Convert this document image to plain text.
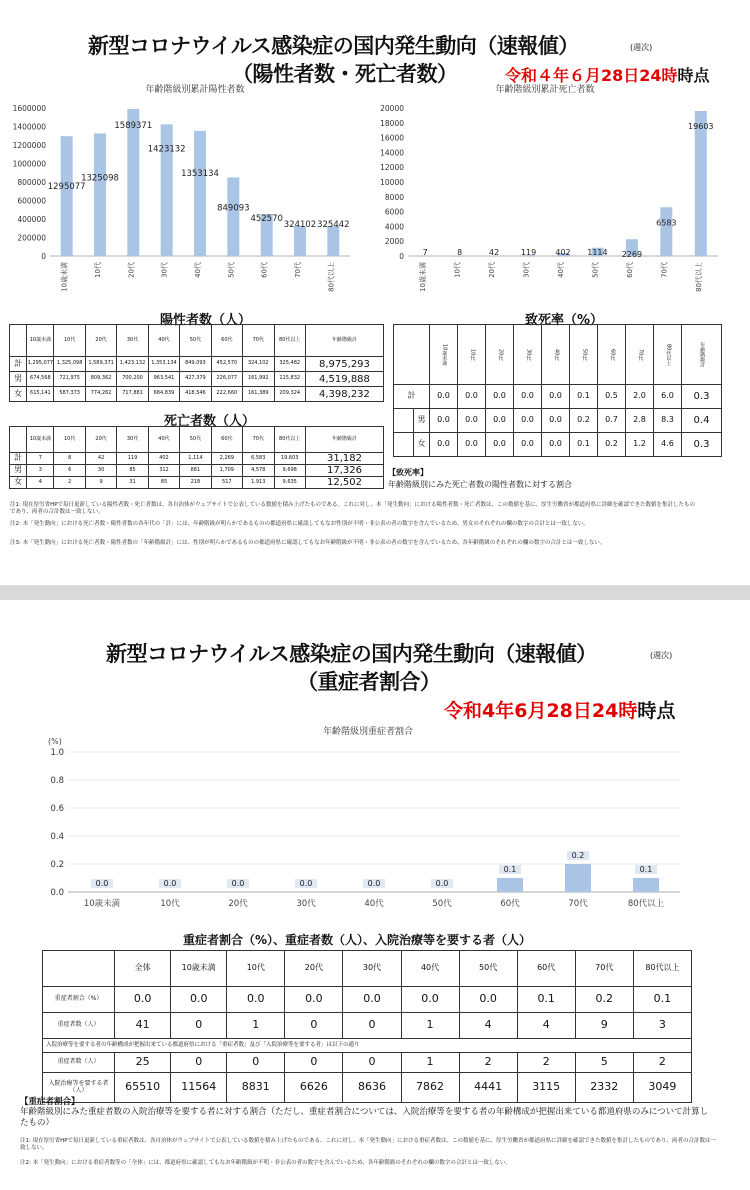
新型コロナウイルス感染症の国内発生動向（速報値）	(週次)
（陽性者数・死亡者数）	令和４年６月28日24時時点
年齢階級別累計陽性者数
0
200000
400000
600000
800000
1000000
1200000
1400000
1600000
1295077
10歳未満
1325098
10代
1589371
20代
1423132
30代
1353134
40代
849093
50代
452570
60代
324102
70代
325442
80代以上
年齢階級別累計死亡者数
0
2000
4000
6000
8000
10000
12000
14000
16000
18000
20000
7
10歳未満
8
10代
42
20代
119
30代
402
40代
1114
50代
2269
60代
6583
70代
19603
80代以上
陽性者数（人）
	10歳未満	10代	20代	30代	40代	50代	60代	70代	80代以上	年齢階級計
計	1,295,077	1,325,098	1,589,371	1,423,132	1,353,134	849,093	452,570	324,102	325,482	8,975,293
男	674,568	721,975	809,362	700,200	963,541	427,379	226,077	161,992	115,832	4,519,888
女	615,141	587,373	774,262	717,881	684,839	418,546	222,660	161,389	209,324	4,398,232
死亡者数（人）
	10歳未満	10代	20代	30代	40代	50代	60代	70代	80代以上	年齢階級計
計	7	8	42	119	402	1,114	2,269	6,583	19,603	31,182
男	3	6	30	85	312	881	1,709	4,578	9,698	17,326
女	4	2	9	31	85	218	517	1,913	9,635	12,502
致死率（%）
		10歳未満	10代	20代	30代	40代	50代	60代	70代	80代以上	年齢階級計
計		0.0	0.0	0.0	0.0	0.0	0.1	0.5	2.0	6.0	0.3
	男	0.0	0.0	0.0	0.0	0.0	0.2	0.7	2.8	8.3	0.4
	女	0.0	0.0	0.0	0.0	0.0	0.1	0.2	1.2	4.6	0.3
【致死率】
年齢階級別にみた死亡者数の陽性者数に対する割合
注1: 現在厚労省HPで毎日更新している陽性者数・死亡者数は、各自治体がウェブサイトで公表している数値を積み上げたものである。これに対し、本「発生動向」における陽性者数・死亡者数は、この数値を基に、厚生労働省が都道府県に詳細を確認できた数値を集計したものであり、両者の合計数は一致しない。
注2: 本「発生動向」における死亡者数・陽性者数の各年代の「計」には、年齢階級が明らかであるものの都道府県に確認してもなお性別が不明・非公表の者の数字を含んでいるため、男女のそれぞれの欄の数字の合計とは一致しない。
注3: 本「発生動向」における死亡者数・陽性者数の「年齢階級計」には、性別が明らかであるものの都道府県に確認してもなお年齢階級が不明・非公表の者の数字を含んでいるため、各年齢階級のそれぞれの欄の数字の合計とは一致しない。
新型コロナウイルス感染症の国内発生動向（速報値）	(週次)
（重症者割合）
令和4年6月28日24時時点
年齢階級別重症者割合
(%)
0.0
0.2
0.4
0.6
0.8
1.0
0.0
10歳未満
0.0
10代
0.0
20代
0.0
30代
0.0
40代
0.0
50代
0.1
60代
0.2
70代
0.1
80代以上
重症者割合（%）、重症者数（人）、入院治療等を要する者（人）
	全体	10歳未満	10代	20代	30代	40代	50代	60代	70代	80代以上
重症者割合（%）	0.0	0.0	0.0	0.0	0.0	0.0	0.0	0.1	0.2	0.1
重症者数（人）	41	0	1	0	0	1	4	4	9	3
入院治療等を要する者の年齢構成が把握出来ている都道府県における「重症者数」及び「入院治療等を要する者」は以下の通り										
重症者数（人）	25	0	0	0	0	1	2	2	5	2
入院治療等を要する者（人）	65510	11564	8831	6626	8636	7862	4441	3115	2332	3049
【重症者割合】
年齢階級別にみた重症者数の入院治療等を要する者に対する割合（ただし、重症者割合については、入院治療等を要する者の年齢構成が把握出来ている都道府県のみについて計算したもの）
注1: 現在厚労省HPで毎日更新している重症者数は、各自治体がウェブサイトで公表している数値を積み上げたものである。これに対し、本「発生動向」における重症者数は、この数値を基に、厚生労働省が都道府県に詳細を確認できた数値を集計したものであり、両者の合計数は一致しない。
注2: 本「発生動向」における重症者数等の「全体」には、都道府県に確認してもなお年齢階級が不明・非公表の者の数字を含んでいるため、各年齢階級のそれぞれの欄の数字の合計とは一致しない。
